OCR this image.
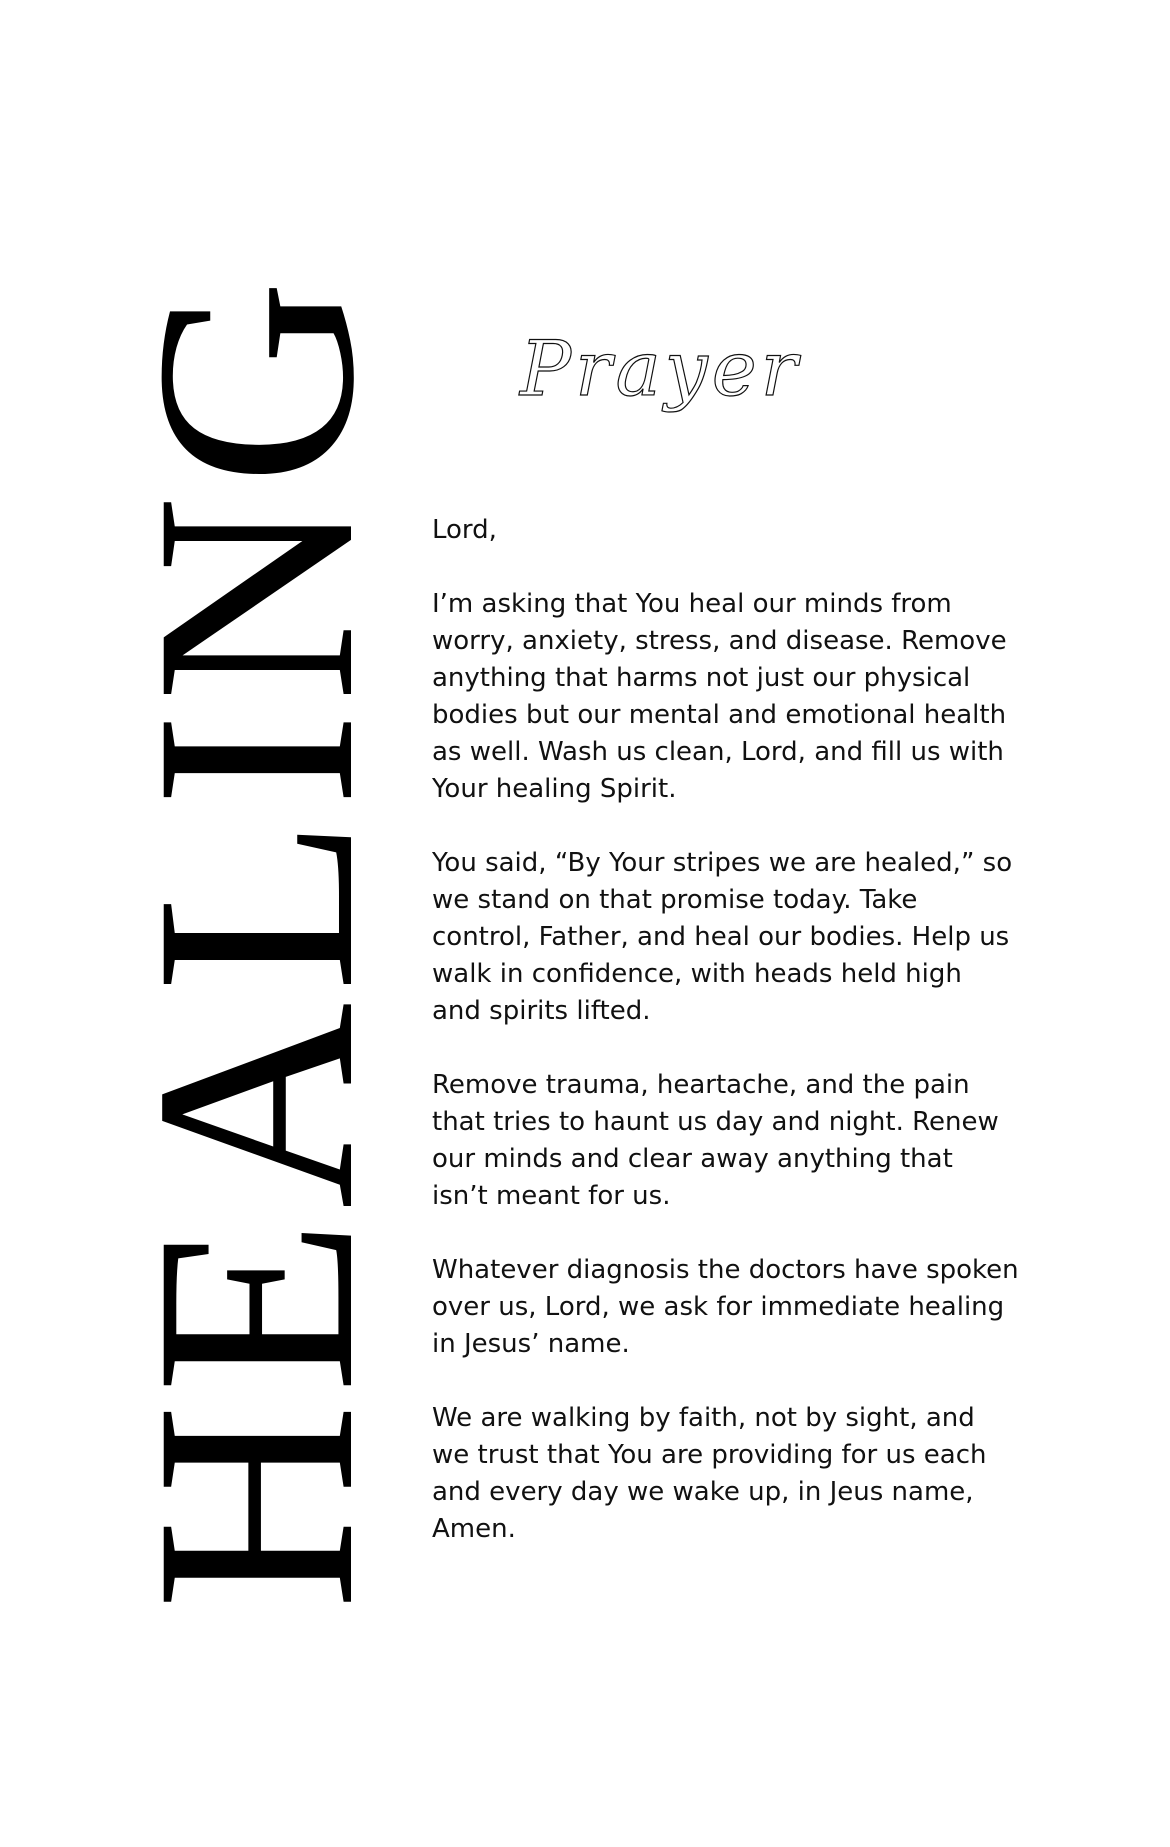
HEALING Prayer

Lord,

I’m asking that You heal our minds from
worry, anxiety, stress, and disease. Remove
anything that harms not just our physical
bodies but our mental and emotional health
as well. Wash us clean, Lord, and fill us with
Your healing Spirit.

You said, “By Your stripes we are healed,” so
we stand on that promise today. Take
control, Father, and heal our bodies. Help us
walk in confidence, with heads held high
and spirits lifted.

Remove trauma, heartache, and the pain
that tries to haunt us day and night. Renew
our minds and clear away anything that
isn’t meant for us.

Whatever diagnosis the doctors have spoken
over us, Lord, we ask for immediate healing
in Jesus’ name.

We are walking by faith, not by sight, and
we trust that You are providing for us each
and every day we wake up, in Jeus name,
Amen.
